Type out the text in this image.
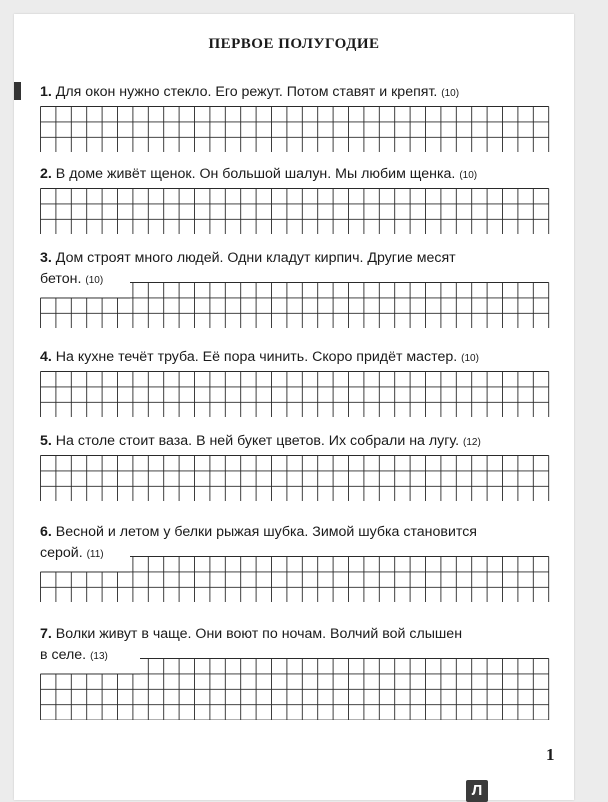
ПЕРВОЕ ПОЛУГОДИЕ
1. Для окон нужно стекло. Его режут. Потом ставят и крепят. (10)
2. В доме живёт щенок. Он большой шалун. Мы любим щенка. (10)
3. Дом строят много людей. Одни кладут кирпич. Другие месят
бетон. (10)
4. На кухне течёт труба. Её пора чинить. Скоро придёт мастер. (10)
5. На столе стоит ваза. В ней букет цветов. Их собрали на лугу. (12)
6. Весной и летом у белки рыжая шубка. Зимой шубка становится
серой. (11)
7. Волки живут в чаще. Они воют по ночам. Волчий вой слышен
в селе. (13)
1
Л
